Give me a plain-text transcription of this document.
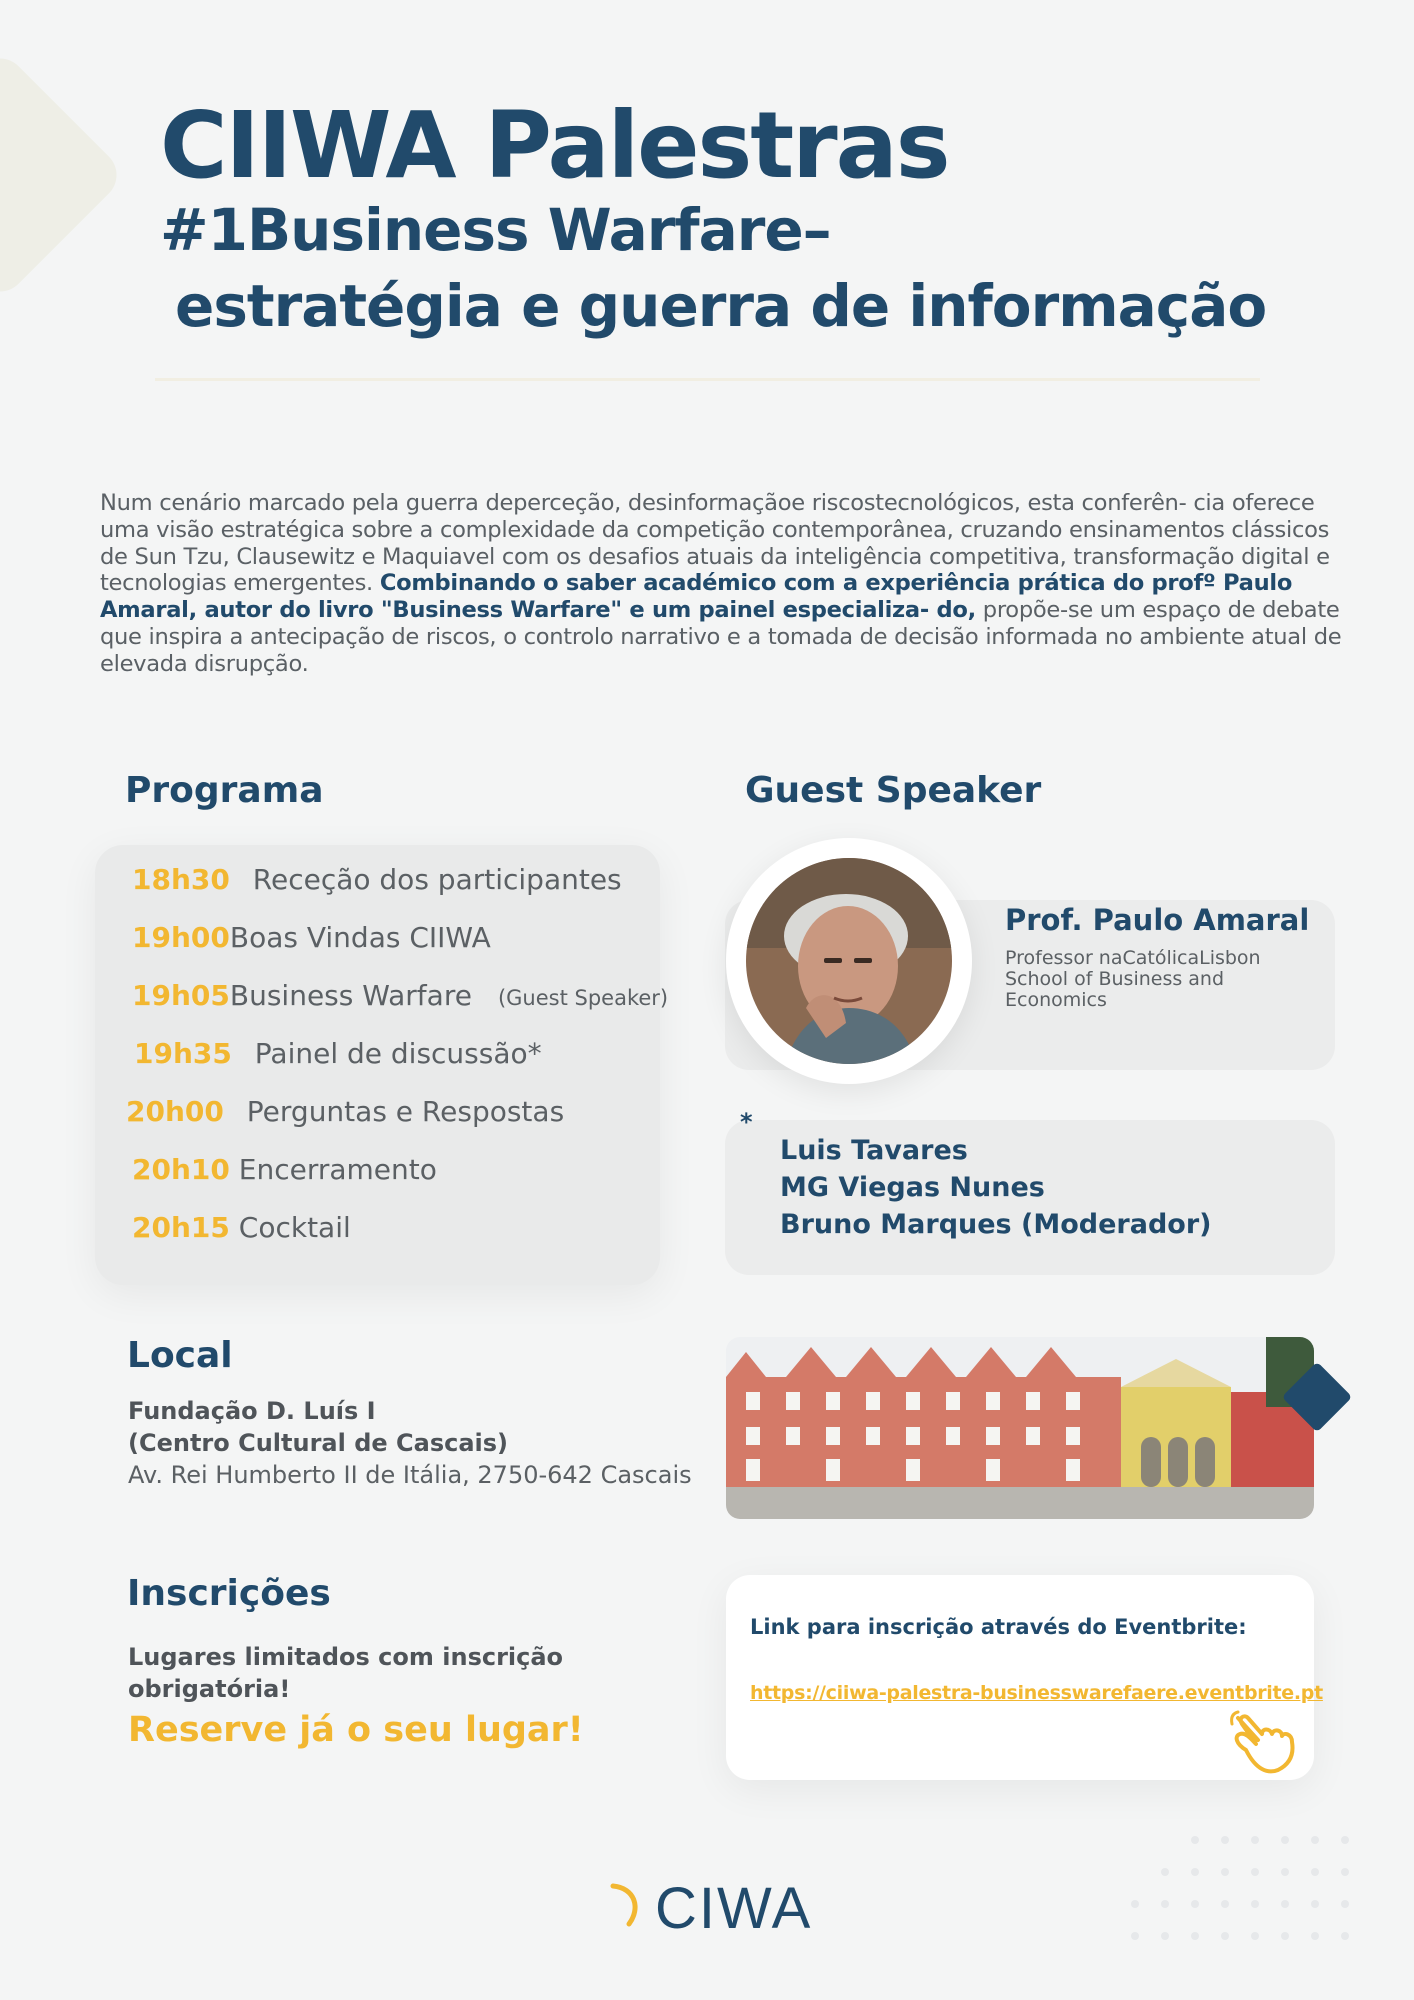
CIIWA Palestras
#1Business Warfare–
estratégia e guerra de informação

Num cenário marcado pela guerra deperceção, desinformaçãoe riscostecnológicos, esta conferên- cia oferece uma visão estratégica sobre a complexidade da competição contemporânea, cruzando ensinamentos clássicos de Sun Tzu, Clausewitz e Maquiavel com os desafios atuais da inteligência competitiva, transformação digital e tecnologias emergentes. Combinando o saber académico com a experiência prática do profº Paulo Amaral, autor do livro "Business Warfare" e um painel especializa- do, propõe-se um espaço de debate que inspira a antecipação de riscos, o controlo narrativo e a tomada de decisão informada no ambiente atual de elevada disrupção.

Programa
18h30 Receção dos participantes
19h00Boas Vindas CIIWA
19h05Business Warfare (Guest Speaker)
19h35 Painel de discussão*
20h00 Perguntas e Respostas
20h10 Encerramento
20h15 Cocktail
Guest Speaker
Prof. Paulo Amaral
Professor naCatólicaLisbon School of Business and Economics
*
Luis Tavares
MG Viegas Nunes
Bruno Marques (Moderador)
Local
Fundação D. Luís I
(Centro Cultural de Cascais)
Av. Rei Humberto II de Itália, 2750-642 Cascais
Inscrições
Lugares limitados com inscrição
obrigatória!
Reserve já o seu lugar!
Link para inscrição através do Eventbrite:
https://ciiwa-palestra-businesswarefaere.eventbrite.pt
CIWA
